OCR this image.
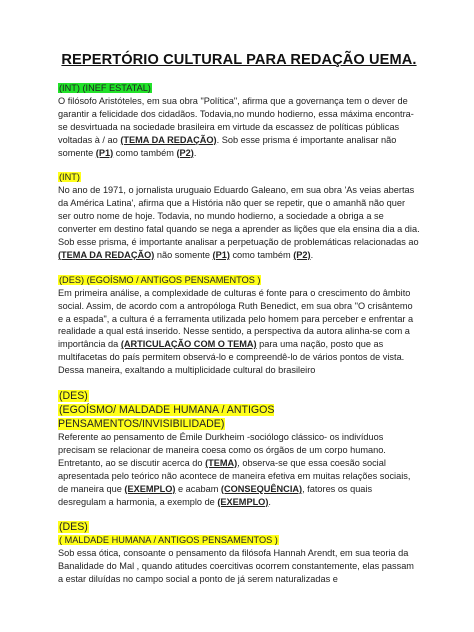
REPERTÓRIO CULTURAL PARA REDAÇÃO UEMA.
(INT) (INEF ESTATAL)

O filósofo Aristóteles, em sua obra "Política", afirma que a governança tem o dever de garantir a felicidade dos cidadãos. Todavia,no mundo hodierno, essa máxima encontra-se desvirtuada na sociedade brasileira em virtude da escassez de políticas públicas voltadas à / ao (TEMA DA REDAÇÃO). Sob esse prisma é importante analisar não somente (P1) como também (P2).

(INT)

No ano de 1971, o jornalista uruguaio Eduardo Galeano, em sua obra 'As veias abertas da América Latina', afirma que a História não quer se repetir, que o amanhã não quer ser outro nome de hoje. Todavia, no mundo hodierno, a sociedade a obriga a se converter em destino fatal quando se nega a aprender as lições que ela ensina dia a dia. Sob esse prisma, é importante analisar a perpetuação de problemáticas relacionadas ao (TEMA DA REDAÇÃO) não somente (P1) como também (P2).

(DES) (EGOÍSMO / ANTIGOS PENSAMENTOS )

Em primeira análise, a complexidade de culturas é fonte para o crescimento do âmbito social. Assim, de acordo com a antropóloga Ruth Benedict, em sua obra "O crisântemo e a espada", a cultura é a ferramenta utilizada pelo homem para perceber e enfrentar a realidade a qual está inserido. Nesse sentido, a perspectiva da autora alinha-se com a importância da (ARTICULAÇÃO COM O TEMA) para uma nação, posto que as multifacetas do país permitem observá-lo e compreendê-lo de vários pontos de vista. Dessa maneira, exaltando a multiplicidade cultural do brasileiro

(DES)
(EGOÍSMO/ MALDADE HUMANA / ANTIGOS PENSAMENTOS/INVISIBILIDADE)

Referente ao pensamento de Émile Durkheim -sociólogo clássico- os indivíduos precisam se relacionar de maneira coesa como os órgãos de um corpo humano. Entretanto, ao se discutir acerca do (TEMA), observa-se que essa coesão social apresentada pelo teórico não acontece de maneira efetiva em muitas relações sociais, de maneira que (EXEMPLO) e acabam (CONSEQUÊNCIA), fatores os quais desregulam a harmonia, a exemplo de (EXEMPLO).

(DES)
( MALDADE HUMANA / ANTIGOS PENSAMENTOS )

Sob essa ótica, consoante o pensamento da filósofa Hannah Arendt, em sua teoria da Banalidade do Mal , quando atitudes coercitivas ocorrem constantemente, elas passam a estar diluídas no campo social a ponto de já serem naturalizadas e
